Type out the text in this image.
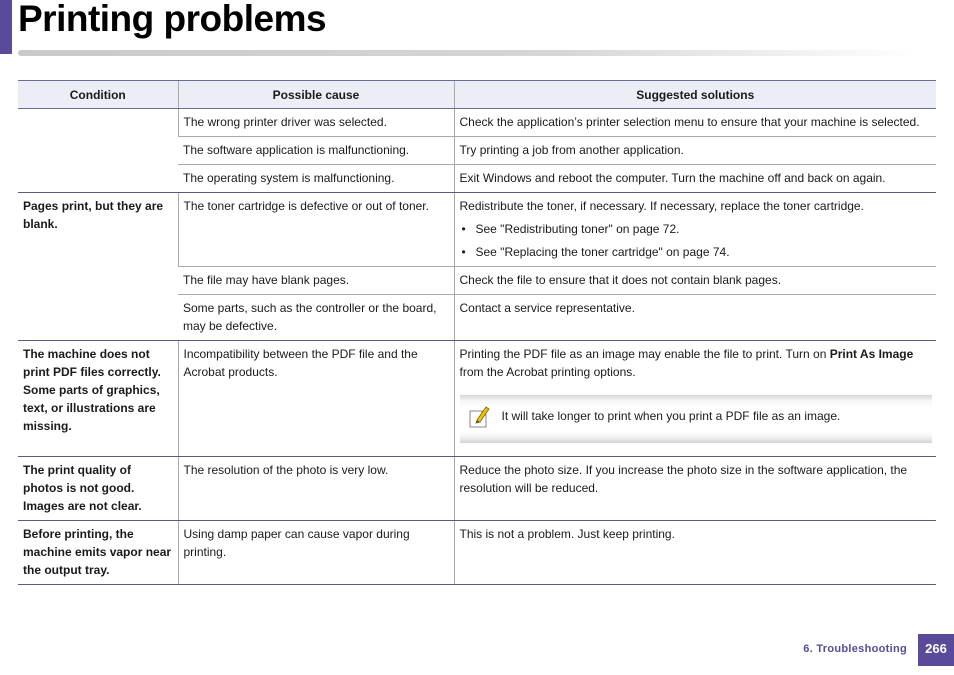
Printing problems
Condition	Possible cause	Suggested solutions
	The wrong printer driver was selected.	Check the application’s printer selection menu to ensure that your machine is selected.
	The software application is malfunctioning.	Try printing a job from another application.
	The operating system is malfunctioning.	Exit Windows and reboot the computer. Turn the machine off and back on again.
Pages print, but they are blank.	The toner cartridge is defective or out of toner.	Redistribute the toner, if necessary. If necessary, replace the toner cartridge.
• See "Redistributing toner" on page 72.
• See "Replacing the toner cartridge" on page 74.

	The file may have blank pages.	Check the file to ensure that it does not contain blank pages.
	Some parts, such as the controller or the board, may be defective.	Contact a service representative.
The machine does not print PDF files correctly. Some parts of graphics, text, or illustrations are missing.	Incompatibility between the PDF file and the Acrobat products.	Printing the PDF file as an image may enable the file to print. Turn on Print As Image from the Acrobat printing options.
It will take longer to print when you print a PDF file as an image.

The print quality of photos is not good. Images are not clear.	The resolution of the photo is very low.	Reduce the photo size. If you increase the photo size in the software application, the resolution will be reduced.
Before printing, the machine emits vapor near the output tray.	Using damp paper can cause vapor during printing.	This is not a problem. Just keep printing.
6. Troubleshooting	266
